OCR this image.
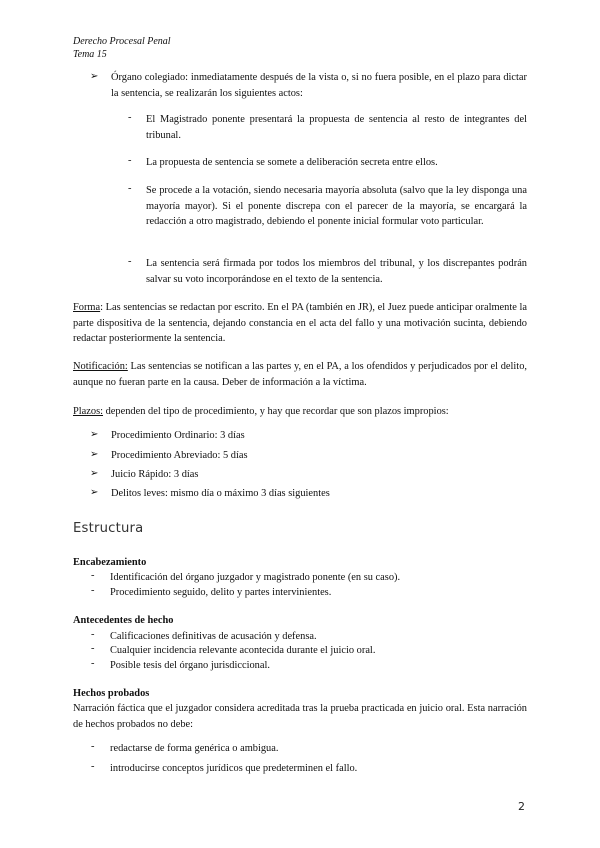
Derecho Procesal Penal
Tema 15
➢ Órgano colegiado: inmediatamente después de la vista o, si no fuera posible, en el plazo para dictar la sentencia, se realizarán los siguientes actos:
- El Magistrado ponente presentará la propuesta de sentencia al resto de integrantes del tribunal.
- La propuesta de sentencia se somete a deliberación secreta entre ellos.
- Se procede a la votación, siendo necesaria mayoría absoluta (salvo que la ley disponga una mayoría mayor). Si el ponente discrepa con el parecer de la mayoría, se encargará la redacción a otro magistrado, debiendo el ponente inicial formular voto particular.
- La sentencia será firmada por todos los miembros del tribunal, y los discrepantes podrán salvar su voto incorporándose en el texto de la sentencia.
Forma: Las sentencias se redactan por escrito. En el PA (también en JR), el Juez puede anticipar oralmente la parte dispositiva de la sentencia, dejando constancia en el acta del fallo y una motivación sucinta, debiendo redactar posteriormente la sentencia.
Notificación: Las sentencias se notifican a las partes y, en el PA, a los ofendidos y perjudicados por el delito, aunque no fueran parte en la causa. Deber de información a la víctima.
Plazos: dependen del tipo de procedimiento, y hay que recordar que son plazos impropios:
➢ Procedimiento Ordinario: 3 días
➢ Procedimiento Abreviado: 5 días
➢ Juicio Rápido: 3 días
➢ Delitos leves: mismo día o máximo 3 días siguientes
Estructura
Encabezamiento
- Identificación del órgano juzgador y magistrado ponente (en su caso).
- Procedimiento seguido, delito y partes intervinientes.
Antecedentes de hecho
- Calificaciones definitivas de acusación y defensa.
- Cualquier incidencia relevante acontecida durante el juicio oral.
- Posible tesis del órgano jurisdiccional.
Hechos probados
Narración fáctica que el juzgador considera acreditada tras la prueba practicada en juicio oral. Esta narración de hechos probados no debe:
- redactarse de forma genérica o ambigua.
- introducirse conceptos jurídicos que predeterminen el fallo.
2
